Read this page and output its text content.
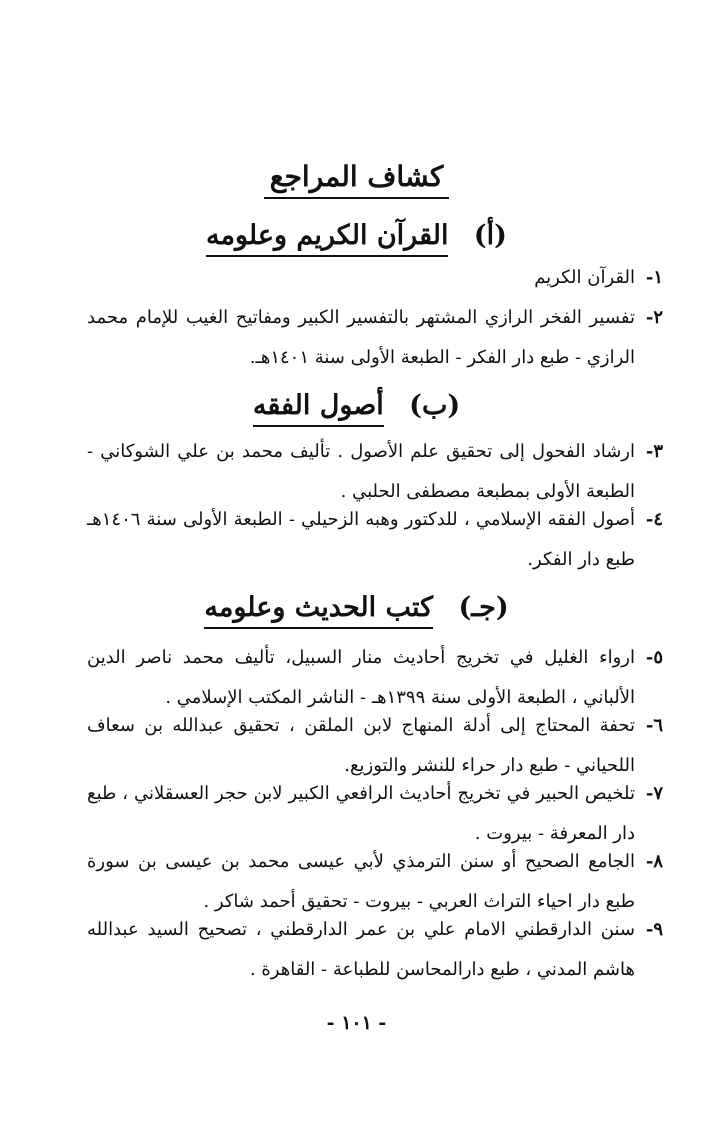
كشاف المراجع
(أ) القرآن الكريم وعلومه
١-
القرآن الكريم
٢-
تفسير الفخر الرازي المشتهر بالتفسير الكبير ومفاتيح الغيب للإمام محمد الرازي - طبع دار الفكر - الطبعة الأولى سنة ١٤٠١هـ.
(ب) أصول الفقه
٣-
ارشاد الفحول إلى تحقيق علم الأصول . تأليف محمد بن علي الشوكاني - الطبعة الأولى بمطبعة مصطفى الحلبي .
٤-
أصول الفقه الإسلامي ، للدكتور وهبه الزحيلي - الطبعة الأولى سنة ١٤٠٦هـ طبع دار الفكر.
(جـ) كتب الحديث وعلومه
٥-
ارواء الغليل في تخريج أحاديث منار السبيل، تأليف محمد ناصر الدين الألباني ، الطبعة الأولى سنة ١٣٩٩هـ - الناشر المكتب الإسلامي .
٦-
تحفة المحتاج إلى أدلة المنهاج لابن الملقن ، تحقيق عبدالله بن سعاف اللحياني - طبع دار حراء للنشر والتوزيع.
٧-
تلخيص الحبير في تخريج أحاديث الرافعي الكبير لابن حجر العسقلاني ، طبع دار المعرفة - بيروت .
٨-
الجامع الصحيح أو سنن الترمذي لأبي عيسى محمد بن عيسى بن سورة طبع دار احياء التراث العربي - بيروت - تحقيق أحمد شاكر .
٩-
سنن الدارقطني الامام علي بن عمر الدارقطني ، تصحيح السيد عبدالله هاشم المدني ، طبع دارالمحاسن للطباعة - القاهرة .
- ١٠١ -
